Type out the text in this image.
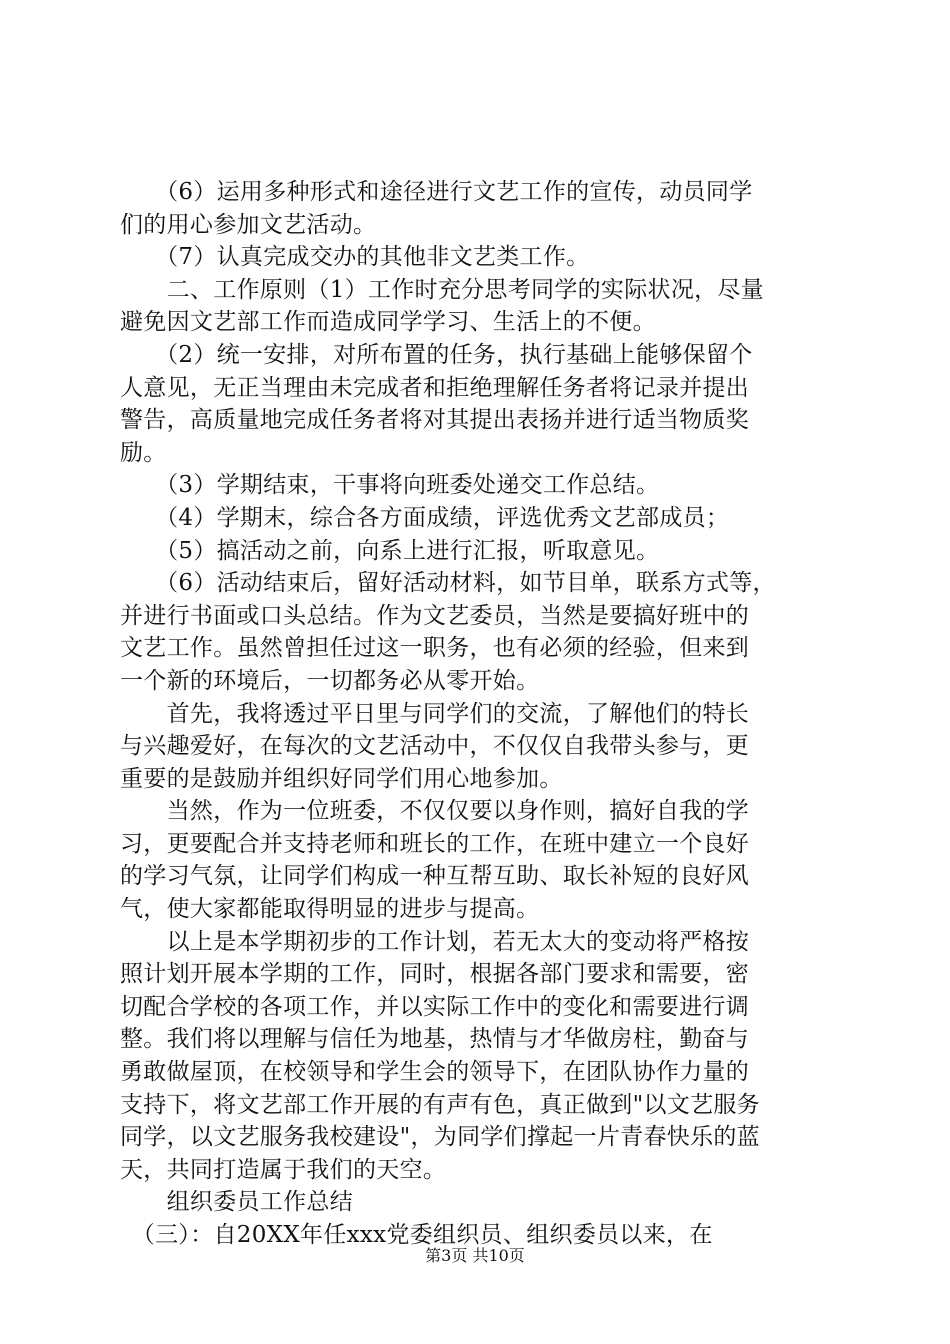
　　（6）运用多种形式和途径进行文艺工作的宣传，动员同学
们的用心参加文艺活动。
　　（7）认真完成交办的其他非文艺类工作。
　　二、工作原则（1）工作时充分思考同学的实际状况，尽量
避免因文艺部工作而造成同学学习、生活上的不便。
　　（2）统一安排，对所布置的任务，执行基础上能够保留个
人意见，无正当理由未完成者和拒绝理解任务者将记录并提出
警告，高质量地完成任务者将对其提出表扬并进行适当物质奖
励。
　　（3）学期结束，干事将向班委处递交工作总结。
　　（4）学期末，综合各方面成绩，评选优秀文艺部成员；
　　（5）搞活动之前，向系上进行汇报，听取意见。
　　（6）活动结束后，留好活动材料，如节目单，联系方式等，
并进行书面或口头总结。作为文艺委员，当然是要搞好班中的
文艺工作。虽然曾担任过这一职务，也有必须的经验，但来到
一个新的环境后，一切都务必从零开始。
　　首先，我将透过平日里与同学们的交流，了解他们的特长
与兴趣爱好，在每次的文艺活动中，不仅仅自我带头参与，更
重要的是鼓励并组织好同学们用心地参加。
　　当然，作为一位班委，不仅仅要以身作则，搞好自我的学
习，更要配合并支持老师和班长的工作，在班中建立一个良好
的学习气氛，让同学们构成一种互帮互助、取长补短的良好风
气，使大家都能取得明显的进步与提高。
　　以上是本学期初步的工作计划，若无太大的变动将严格按
照计划开展本学期的工作，同时，根据各部门要求和需要，密
切配合学校的各项工作，并以实际工作中的变化和需要进行调
整。我们将以理解与信任为地基，热情与才华做房柱，勤奋与
勇敢做屋顶，在校领导和学生会的领导下，在团队协作力量的
支持下，将文艺部工作开展的有声有色，真正做到"以文艺服务
同学，以文艺服务我校建设"，为同学们撑起一片青春快乐的蓝
天，共同打造属于我们的天空。
　　组织委员工作总结
　（三）：自20XX年任xxx党委组织员、组织委员以来，在
第3页 共10页
